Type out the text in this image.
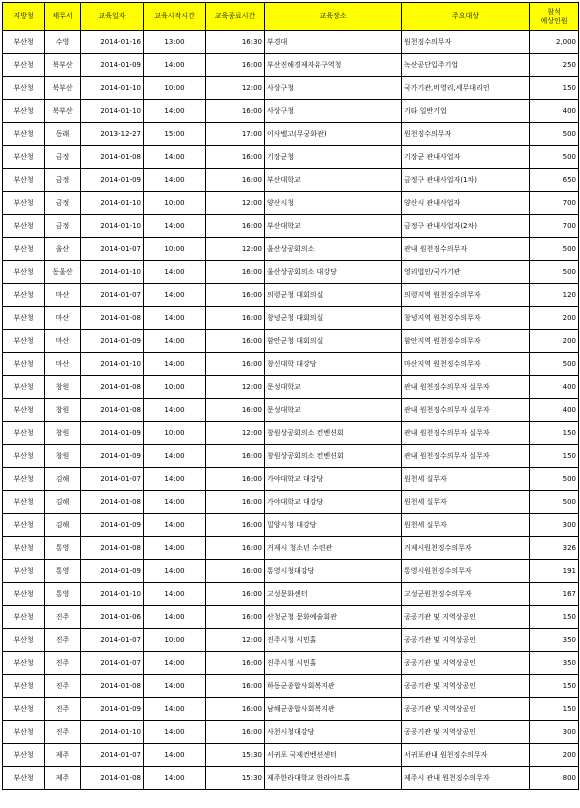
지방청	세무서	교육일자	교육시작시간	교육종료시간	교육장소	주요대상	참석
예상인원
부산청	수영	2014-01-16	13:00	16:30	부경대	원천징수의무자	2,000
부산청	북부산	2014-01-09	14:00	16:00	부산진해경제자유구역청	녹산공단입주기업	250
부산청	북부산	2014-01-10	10:00	12:00	사상구청	국가기관,비영리,세무대리인	150
부산청	북부산	2014-01-10	14:00	16:00	사상구청	기타 일반기업	400
부산청	동래	2013-12-27	15:00	17:00	이사벨고(무궁화관)	원천징수의무자	500
부산청	금정	2014-01-08	14:00	16:00	기장군청	기장군 관내사업자	500
부산청	금정	2014-01-09	14:00	16:00	부산대학교	금정구 관내사업자(1차)	650
부산청	금정	2014-01-10	10:00	12:00	양산시청	양산시 관내사업자	700
부산청	금정	2014-01-10	14:00	16:00	부산대학교	금정구 관내사업자(2차)	700
부산청	울산	2014-01-07	10:00	12:00	울산상공회의소	관내 원천징수의무자	500
부산청	동울산	2014-01-10	14:00	16:00	울산상공회의소 대강당	영리법인/국가기관	500
부산청	마산	2014-01-07	14:00	16:00	의령군청 대회의실	의령지역 원천징수의무자	120
부산청	마산	2014-01-08	14:00	16:00	창녕군청 대회의실	창녕지역 원천징수의무자	200
부산청	마산	2014-01-09	14:00	16:00	함안군청 대회의실	함안지역 원천징수의무자	200
부산청	마산	2014-01-10	14:00	16:00	창신대학 대강당	마산지역 원천징수의무자	500
부산청	창원	2014-01-08	10:00	12:00	문성대학교	관내 원천징수의무자 실무자	400
부산청	창원	2014-01-08	14:00	16:00	문성대학교	관내 원천징수의무자 실무자	400
부산청	창원	2014-01-09	10:00	12:00	창원상공회의소 컨벤션회	관내 원천징수의무자 실무자	150
부산청	창원	2014-01-09	14:00	16:00	창원상공회의소 컨벤션회	관내 원천징수의무자 실무자	150
부산청	김해	2014-01-07	14:00	16:00	가야대학교 대강당	원천세 실무자	500
부산청	김해	2014-01-08	14:00	16:00	가야대학교 대강당	원천세 실무자	500
부산청	김해	2014-01-09	14:00	16:00	밀양시청 대강당	원천세 실무자	300
부산청	통영	2014-01-08	14:00	16:00	거제시 청소년 수련관	거제시원천징수의무자	326
부산청	통영	2014-01-09	14:00	16:00	통영시청대강당	통영시원천징수의무자	191
부산청	통영	2014-01-10	14:00	16:00	고성문화센터	고성군원천징수의무자	167
부산청	진주	2014-01-06	14:00	16:00	산청군청 문화예술회관	공공기관 및 지역상공인	150
부산청	진주	2014-01-07	10:00	12:00	진주시청 시민홀	공공기관 및 지역상공인	350
부산청	진주	2014-01-07	14:00	16:00	진주시청 시민홀	공공기관 및 지역상공인	350
부산청	진주	2014-01-08	14:00	16:00	하동군종합사회복지관	공공기관 및 지역상공인	150
부산청	진주	2014-01-09	14:00	16:00	남해군종합사회복지관	공공기관 및 지역상공인	150
부산청	진주	2014-01-10	14:00	16:00	사천시청대강당	공공기관 및 지역상공인	300
부산청	제주	2014-01-07	14:00	15:30	서귀포 국제컨벤션센터	서귀포관내 원천징수의무자	200
부산청	제주	2014-01-08	14:00	15:30	제주한라대학교 한라아트홀	제주시 관내 원천징수의무자	800
